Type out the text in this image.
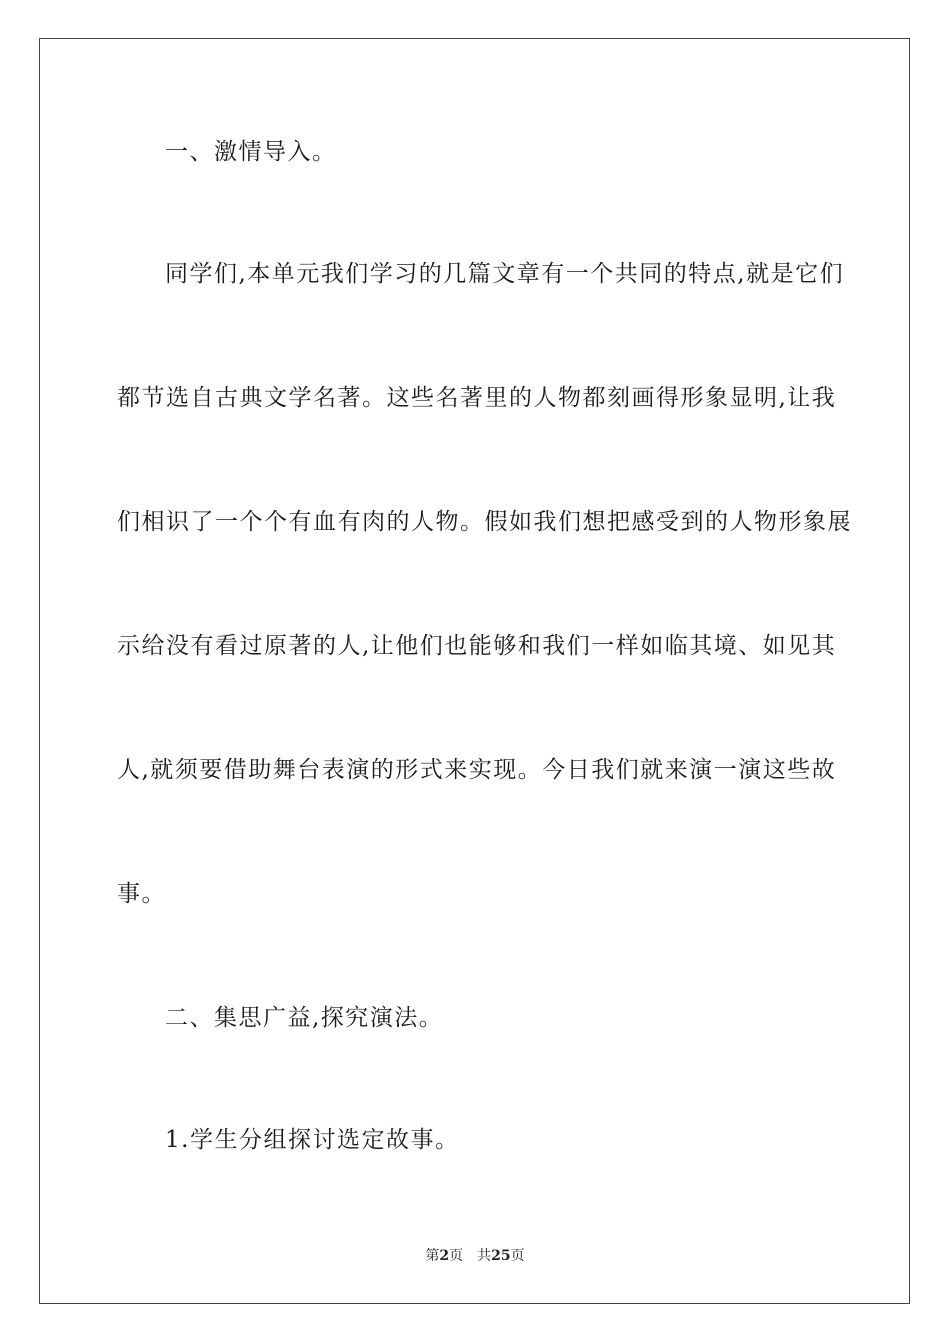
一、激情导入。
同学们,本单元我们学习的几篇文章有一个共同的特点,就是它们
都节选自古典文学名著。这些名著里的人物都刻画得形象显明,让我
们相识了一个个有血有肉的人物。假如我们想把感受到的人物形象展
示给没有看过原著的人,让他们也能够和我们一样如临其境、如见其
人,就须要借助舞台表演的形式来实现。今日我们就来演一演这些故
事。
二、集思广益,探究演法。
1.学生分组探讨选定故事。
第2页 共25页
